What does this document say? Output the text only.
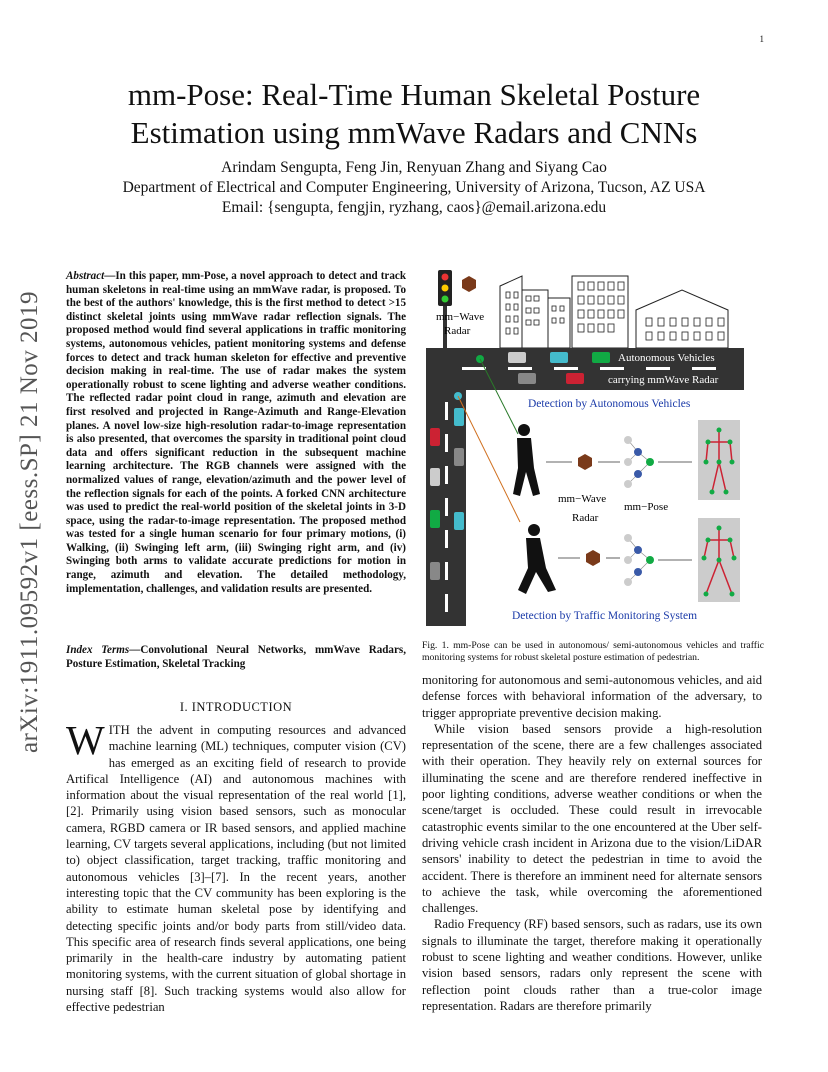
1
arXiv:1911.09592v1 [eess.SP] 21 Nov 2019
mm-Pose: Real-Time Human Skeletal Posture
Estimation using mmWave Radars and CNNs
Arindam Sengupta, Feng Jin, Renyuan Zhang and Siyang Cao
Department of Electrical and Computer Engineering, University of Arizona, Tucson, AZ USA
Email: {sengupta, fengjin, ryzhang, caos}@email.arizona.edu
Abstract—In this paper, mm-Pose, a novel approach to detect and track human skeletons in real-time using an mmWave radar, is proposed. To the best of the authors' knowledge, this is the first method to detect >15 distinct skeletal joints using mmWave radar reflection signals. The proposed method would find several applications in traffic monitoring systems, autonomous vehicles, patient monitoring systems and defense forces to detect and track human skeleton for effective and preventive decision making in real-time. The use of radar makes the system operationally robust to scene lighting and adverse weather conditions. The reflected radar point cloud in range, azimuth and elevation are first resolved and projected in Range-Azimuth and Range-Elevation planes. A novel low-size high-resolution radar-to-image representation is also presented, that overcomes the sparsity in traditional point cloud data and offers significant reduction in the subsequent machine learning architecture. The RGB channels were assigned with the normalized values of range, elevation/azimuth and the power level of the reflection signals for each of the points. A forked CNN architecture was used to predict the real-world position of the skeletal joints in 3-D space, using the radar-to-image representation. The proposed method was tested for a single human scenario for four primary motions, (i) Walking, (ii) Swinging left arm, (iii) Swinging right arm, and (iv) Swinging both arms to validate accurate predictions for motion in range, azimuth and elevation. The detailed methodology, implementation, challenges, and validation results are presented.
Index Terms—Convolutional Neural Networks, mmWave Radars, Posture Estimation, Skeletal Tracking
I. INTRODUCTION
WITH the advent in computing resources and advanced machine learning (ML) techniques, computer vision (CV) has emerged as an exciting field of research to provide Artifical Intelligence (AI) and autonomous machines with information about the visual representation of the real world [1], [2]. Primarily using vision based sensors, such as monocular camera, RGBD camera or IR based sensors, and applied machine learning, CV targets several applications, including (but not limited to) object classification, target tracking, traffic monitoring and autonomous vehicles [3]–[7]. In the recent years, another interesting topic that the CV community has been exploring is the ability to estimate human skeletal pose by identifying and detecting specific joints and/or body parts from still/video data. This specific area of research finds several applications, one being primarily in the health-care industry by automating patient monitoring systems, with the current situation of global shortage in nursing staff [8]. Such tracking systems would also allow for effective pedestrian
mm−Wave
Radar
Autonomous Vehicles
carrying mmWave Radar
Detection by Autonomous Vehicles
mm−Wave
Radar
mm−Pose
Detection by Traffic Monitoring System
Fig. 1. mm-Pose can be used in autonomous/ semi-autonomous vehicles and traffic monitoring systems for robust skeletal posture estimation of pedestrian.

monitoring for autonomous and semi-autonomous vehicles, and aid defense forces with behavioral information of the adversary, to trigger appropriate preventive decision making.

While vision based sensors provide a high-resolution representation of the scene, there are a few challenges associated with their operation. They heavily rely on external sources for illuminating the scene and are therefore rendered ineffective in poor lighting conditions, adverse weather conditions or when the scene/target is occluded. These could result in irrevocable catastrophic events similar to the one encountered at the Uber self-driving vehicle crash incident in Arizona due to the vision/LiDAR sensors' inability to detect the pedestrian in time to avoid the accident. There is therefore an imminent need for alternate sensors to achieve the task, while overcoming the aforementioned challenges.

Radio Frequency (RF) based sensors, such as radars, use its own signals to illuminate the target, therefore making it operationally robust to scene lighting and weather conditions. However, unlike vision based sensors, radars only represent the scene with reflection point clouds rather than a true-color image representation. Radars are therefore primarily
